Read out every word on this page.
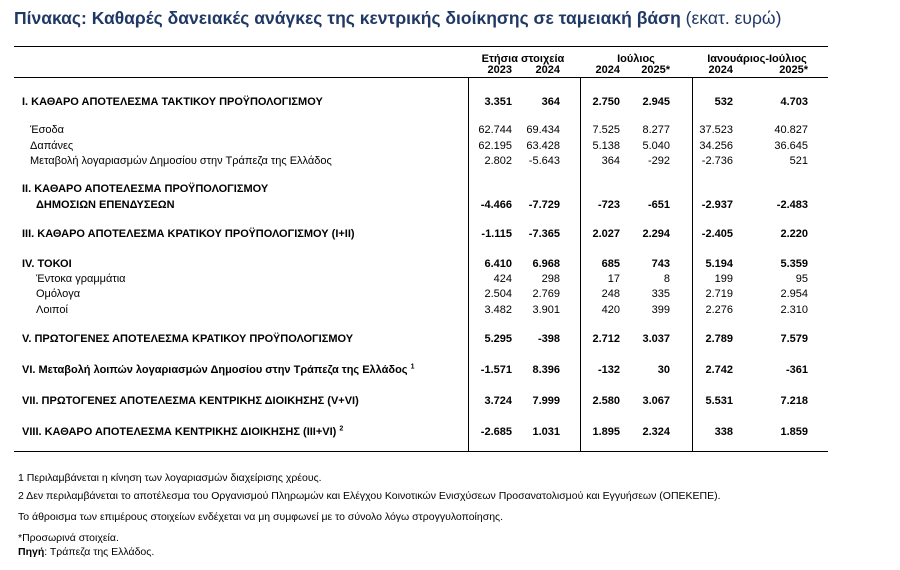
Πίνακας: Καθαρές δανειακές ανάγκες της κεντρικής διοίκησης σε ταμειακή βάση (εκατ. ευρώ)
Ετήσια στοιχεία	Ιούλιος	Ιανουάριος-Ιούλιος
2023	2024	2024	2025*	2024	2025*
I. ΚΑΘΑΡΟ ΑΠΟΤΕΛΕΣΜΑ ΤΑΚΤΙΚΟΥ ΠΡΟΫΠΟΛΟΓΙΣΜΟΥ	3.351	364	2.750	2.945	532	4.703
Έσοδα	62.744	69.434	7.525	8.277	37.523	40.827
Δαπάνες	62.195	63.428	5.138	5.040	34.256	36.645
Μεταβολή λογαριασμών Δημοσίου στην Τράπεζα της Ελλάδος	2.802	-5.643	364	-292	-2.736	521
II. ΚΑΘΑΡΟ ΑΠΟΤΕΛΕΣΜΑ ΠΡΟΫΠΟΛΟΓΙΣΜΟΥ
ΔΗΜΟΣΙΩΝ ΕΠΕΝΔΥΣΕΩΝ	-4.466	-7.729	-723	-651	-2.937	-2.483
III. ΚΑΘΑΡΟ ΑΠΟΤΕΛΕΣΜΑ ΚΡΑΤΙΚΟΥ ΠΡΟΫΠΟΛΟΓΙΣΜΟΥ (I+II)	-1.115	-7.365	2.027	2.294	-2.405	2.220
IV. ΤΟΚΟΙ	6.410	6.968	685	743	5.194	5.359
Έντοκα γραμμάτια	424	298	17	8	199	95
Ομόλογα	2.504	2.769	248	335	2.719	2.954
Λοιποί	3.482	3.901	420	399	2.276	2.310
V. ΠΡΩΤΟΓΕΝΕΣ ΑΠΟΤΕΛΕΣΜΑ ΚΡΑΤΙΚΟΥ ΠΡΟΫΠΟΛΟΓΙΣΜΟΥ	5.295	-398	2.712	3.037	2.789	7.579
VI. Μεταβολή λοιπών λογαριασμών Δημοσίου στην Τράπεζα της Ελλάδος $^1$	-1.571	8.396	-132	30	2.742	-361
VII. ΠΡΩΤΟΓΕΝΕΣ ΑΠΟΤΕΛΕΣΜΑ ΚΕΝΤΡΙΚΗΣ ΔΙΟΙΚΗΣΗΣ (V+VI)	3.724	7.999	2.580	3.067	5.531	7.218
VIII. ΚΑΘΑΡΟ ΑΠΟΤΕΛΕΣΜΑ ΚΕΝΤΡΙΚΗΣ ΔΙΟΙΚΗΣΗΣ (III+VI) $^2$	-2.685	1.031	1.895	2.324	338	1.859
1 Περιλαμβάνεται η κίνηση των λογαριασμών διαχείρισης χρέους.
2 Δεν περιλαμβάνεται το αποτέλεσμα του Οργανισμού Πληρωμών και Ελέγχου Κοινοτικών Ενισχύσεων Προσανατολισμού και Εγγυήσεων (ΟΠΕΚΕΠΕ).
Το άθροισμα των επιμέρους στοιχείων ενδέχεται να μη συμφωνεί με το σύνολο λόγω στρογγυλοποίησης.
*Προσωρινά στοιχεία.
Πηγή: Τράπεζα της Ελλάδος.
